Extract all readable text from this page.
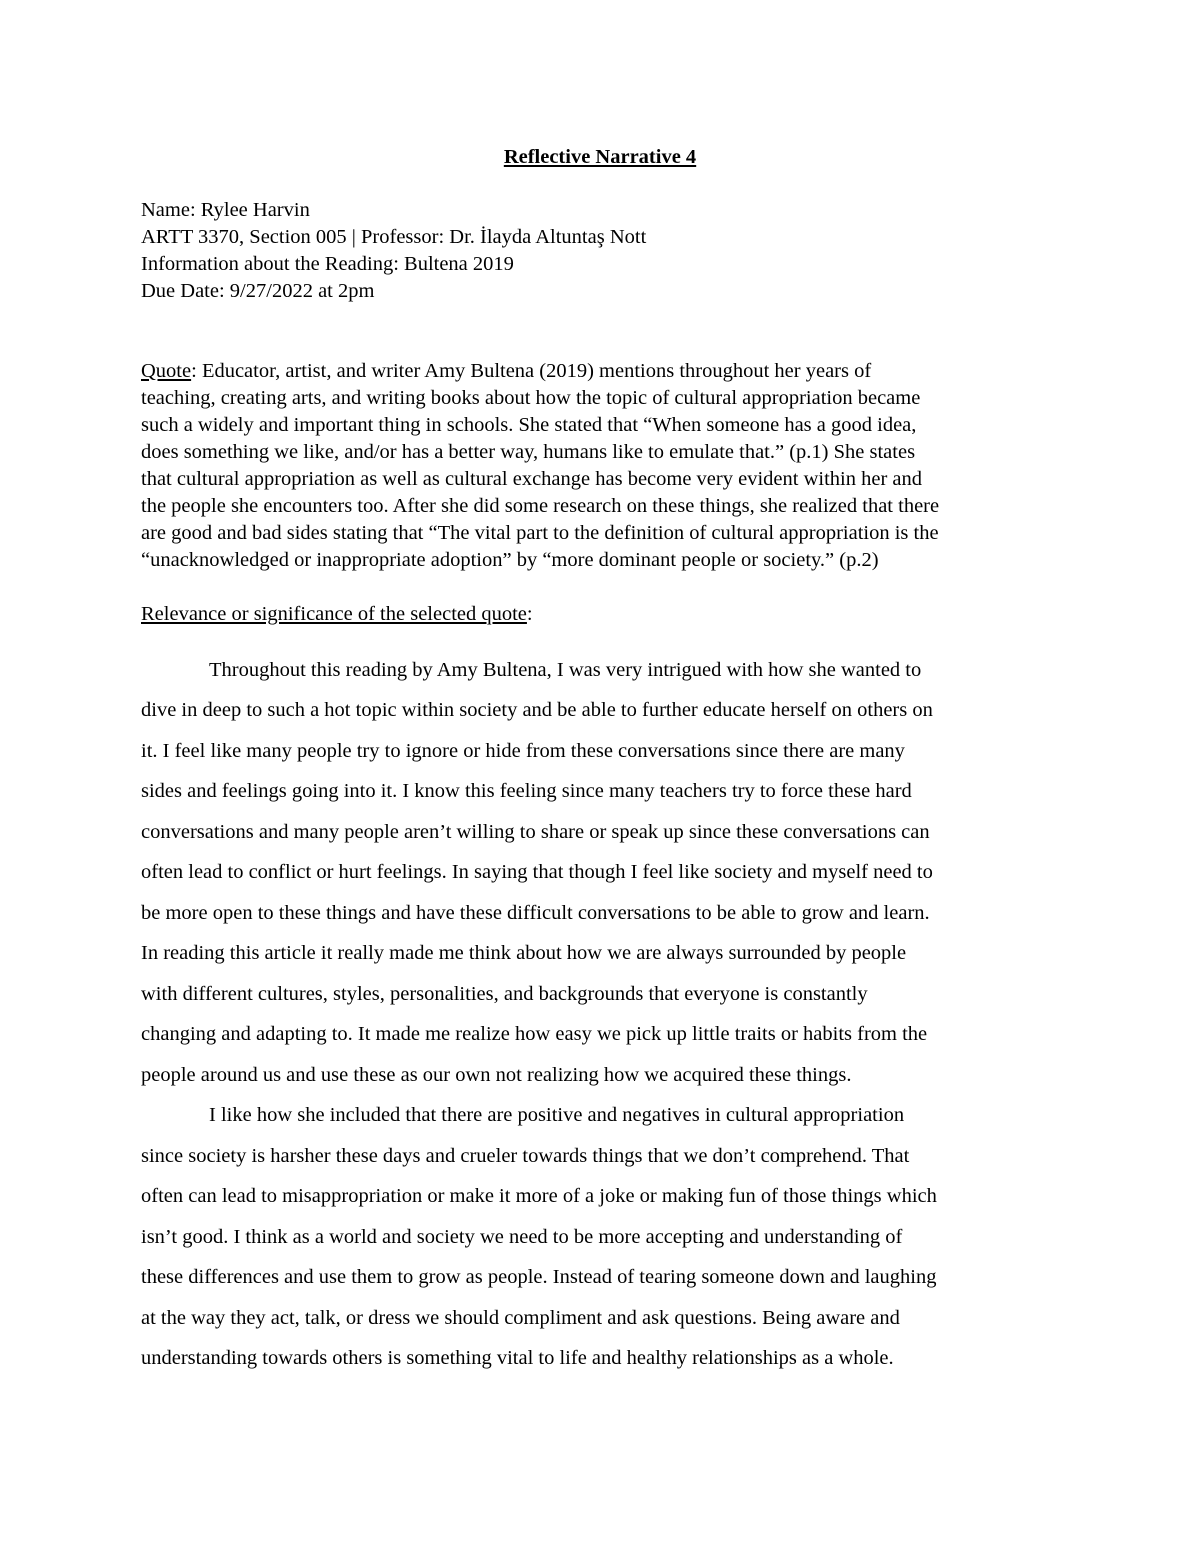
Reflective Narrative 4
Name: Rylee Harvin
ARTT 3370, Section 005 | Professor: Dr. İlayda Altuntaş Nott
Information about the Reading: Bultena 2019
Due Date: 9/27/2022 at 2pm
Quote: Educator, artist, and writer Amy Bultena (2019) mentions throughout her years of
teaching, creating arts, and writing books about how the topic of cultural appropriation became
such a widely and important thing in schools. She stated that “When someone has a good idea,
does something we like, and/or has a better way, humans like to emulate that.” (p.1) She states
that cultural appropriation as well as cultural exchange has become very evident within her and
the people she encounters too. After she did some research on these things, she realized that there
are good and bad sides stating that “The vital part to the definition of cultural appropriation is the
“unacknowledged or inappropriate adoption” by “more dominant people or society.” (p.2)
Relevance or significance of the selected quote:
Throughout this reading by Amy Bultena, I was very intrigued with how she wanted to
dive in deep to such a hot topic within society and be able to further educate herself on others on
it. I feel like many people try to ignore or hide from these conversations since there are many
sides and feelings going into it. I know this feeling since many teachers try to force these hard
conversations and many people aren’t willing to share or speak up since these conversations can
often lead to conflict or hurt feelings. In saying that though I feel like society and myself need to
be more open to these things and have these difficult conversations to be able to grow and learn.
In reading this article it really made me think about how we are always surrounded by people
with different cultures, styles, personalities, and backgrounds that everyone is constantly
changing and adapting to. It made me realize how easy we pick up little traits or habits from the
people around us and use these as our own not realizing how we acquired these things.
I like how she included that there are positive and negatives in cultural appropriation
since society is harsher these days and crueler towards things that we don’t comprehend. That
often can lead to misappropriation or make it more of a joke or making fun of those things which
isn’t good. I think as a world and society we need to be more accepting and understanding of
these differences and use them to grow as people. Instead of tearing someone down and laughing
at the way they act, talk, or dress we should compliment and ask questions. Being aware and
understanding towards others is something vital to life and healthy relationships as a whole.
